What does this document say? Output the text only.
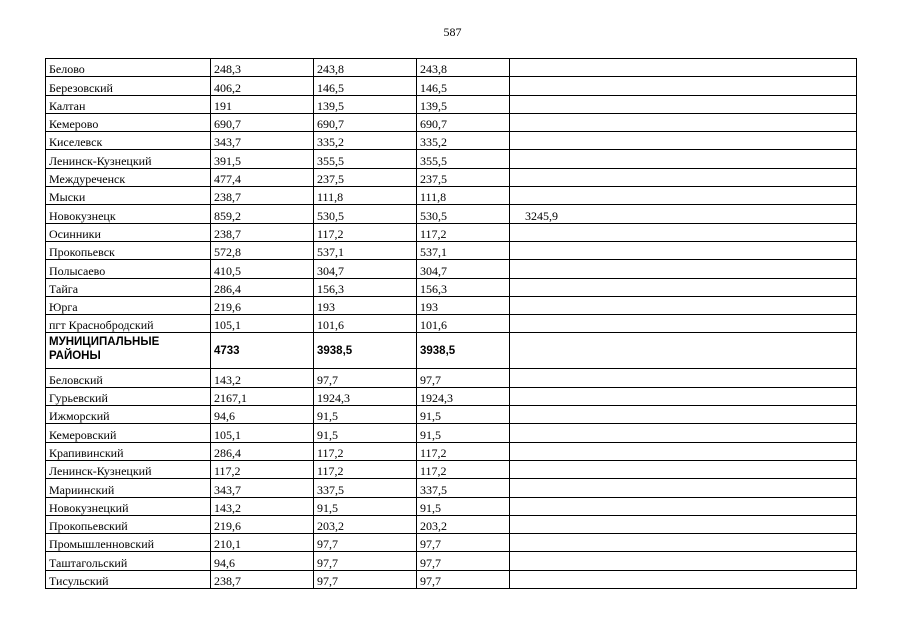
587
Белово	248,3	243,8	243,8	
Березовский	406,2	146,5	146,5	
Калтан	191	139,5	139,5	
Кемерово	690,7	690,7	690,7	
Киселевск	343,7	335,2	335,2	
Ленинск-Кузнецкий	391,5	355,5	355,5	
Междуреченск	477,4	237,5	237,5	
Мыски	238,7	111,8	111,8	
Новокузнецк	859,2	530,5	530,5	3245,9
Осинники	238,7	117,2	117,2	
Прокопьевск	572,8	537,1	537,1	
Полысаево	410,5	304,7	304,7	
Тайга	286,4	156,3	156,3	
Юрга	219,6	193	193	
пгт Краснобродский	105,1	101,6	101,6	
МУНИЦИПАЛЬНЫЕ РАЙОНЫ	4733	3938,5	3938,5	
Беловский	143,2	97,7	97,7	
Гурьевский	2167,1	1924,3	1924,3	
Ижморский	94,6	91,5	91,5	
Кемеровский	105,1	91,5	91,5	
Крапивинский	286,4	117,2	117,2	
Ленинск-Кузнецкий	117,2	117,2	117,2	
Мариинский	343,7	337,5	337,5	
Новокузнецкий	143,2	91,5	91,5	
Прокопьевский	219,6	203,2	203,2	
Промышленновский	210,1	97,7	97,7	
Таштагольский	94,6	97,7	97,7	
Тисульский	238,7	97,7	97,7	
